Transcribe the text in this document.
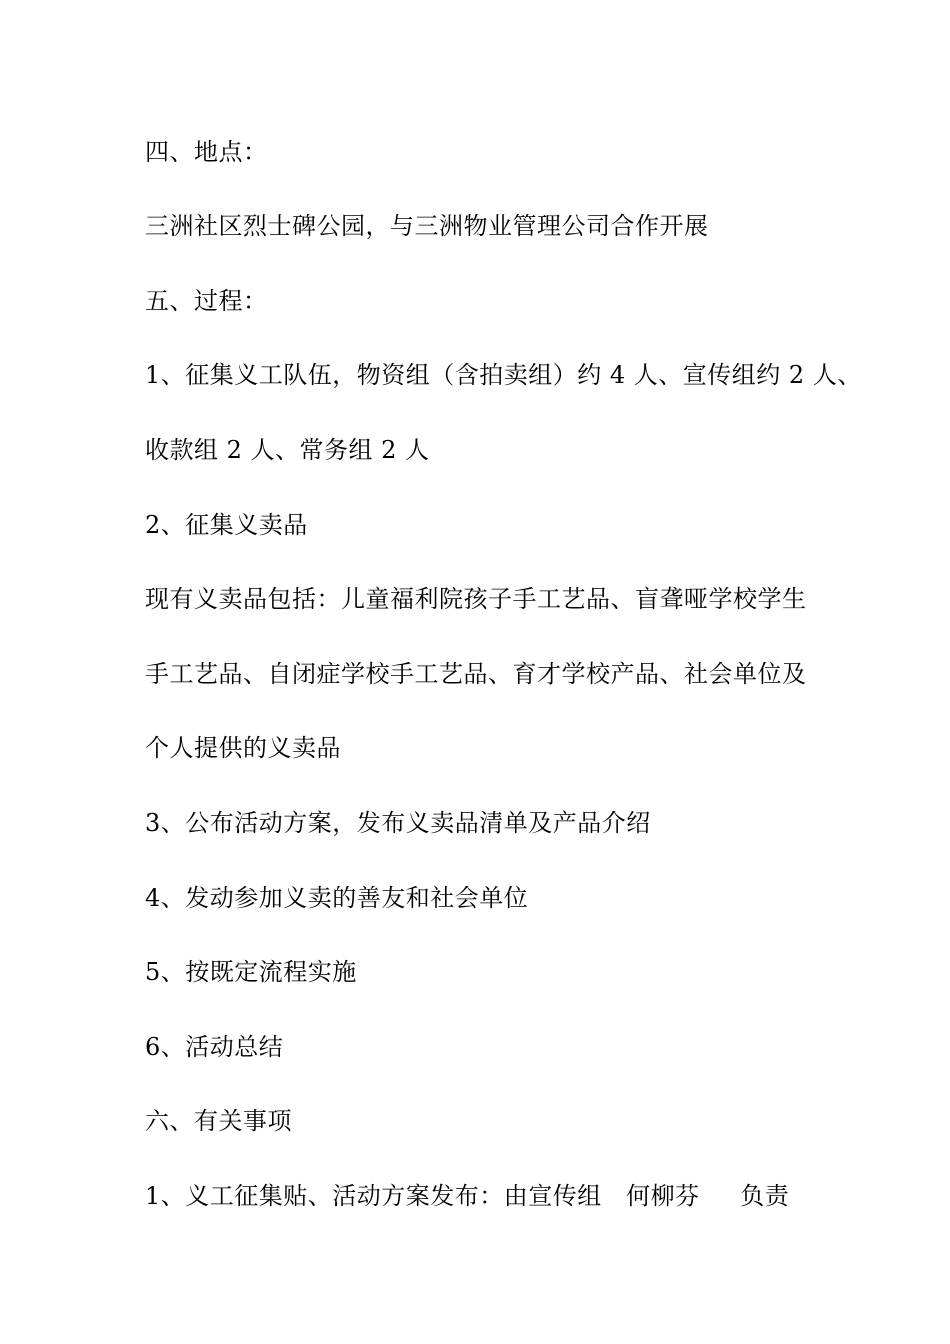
四、地点：
三洲社区烈士碑公园，与三洲物业管理公司合作开展
五、过程：
1、征集义工队伍，物资组（含拍卖组）约 4 人、宣传组约 2 人、
收款组 2 人、常务组 2 人
2、征集义卖品
现有义卖品包括：儿童福利院孩子手工艺品、盲聋哑学校学生
手工艺品、自闭症学校手工艺品、育才学校产品、社会单位及
个人提供的义卖品
3、公布活动方案，发布义卖品清单及产品介绍
4、发动参加义卖的善友和社会单位
5、按既定流程实施
6、活动总结
六、有关事项
1、义工征集贴、活动方案发布：由宣传组   何柳芬     负责
